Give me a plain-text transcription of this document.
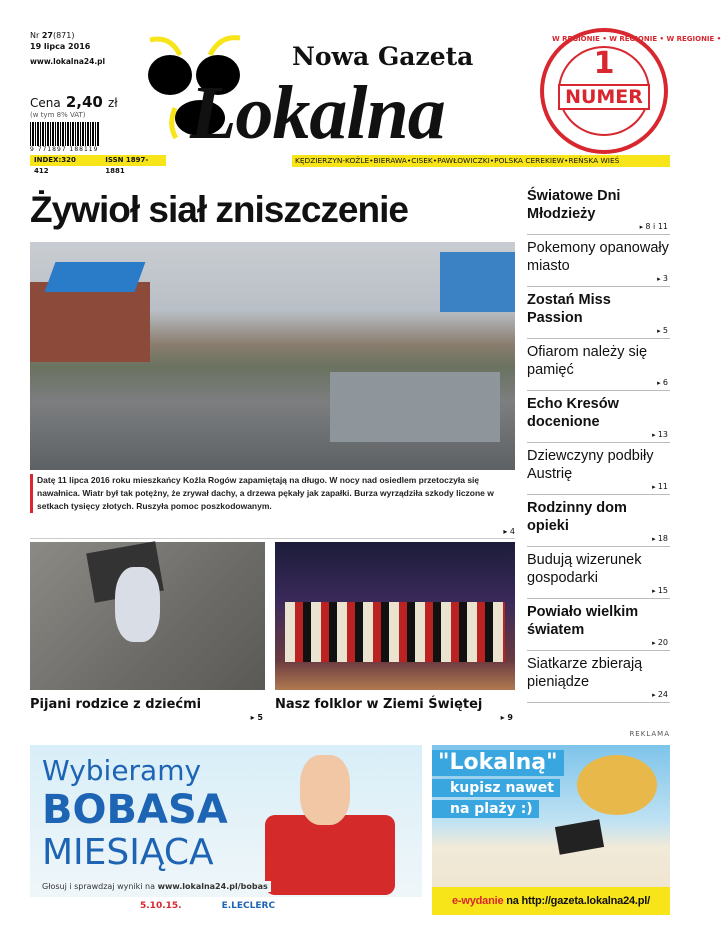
Nr 27(871)
19 lipca 2016
www.lokalna24.pl
Cena 2,40 zł
(w tym 8% VAT)
9 771897 188119
INDEX:320 412
ISSN 1897-1881
Nowa Gazeta
Lokalna
W REGIONIE • W REGIONIE • W REGIONIE •
1
NUMER
KĘDZIERZYN-KOŹLE•BIERAWA•CISEK•PAWŁOWICZKI•POLSKA CEREKIEW•REŃSKA WIEŚ
Żywioł siał zniszczenie
Datę 11 lipca 2016 roku mieszkańcy Koźla Rogów zapamiętają na długo. W nocy nad osiedlem przetoczyła się nawałnica. Wiatr był tak potężny, że zrywał dachy, a drzewa pękały jak zapałki. Burza wyrządziła szkody liczone w setkach tysięcy złotych. Ruszyła pomoc poszkodowanym.
▸ 4
Pijani rodzice z dziećmi
▸ 5
Nasz folklor w Ziemi Świętej
▸ 9
Światowe Dni Młodzieży
▸ 8 i 11
Pokemony opanowały miasto
▸ 3
Zostań Miss Passion
▸ 5
Ofiarom należy się pamięć
▸ 6
Echo Kresów docenione
▸ 13
Dziewczyny podbiły Austrię
▸ 11
Rodzinny dom opieki
▸ 18
Budują wizerunek gospodarki
▸ 15
Powiało wielkim światem
▸ 20
Siatkarze zbierają pieniądze
▸ 24
REKLAMA
Wybieramy
BOBASA
MIESIĄCA
Głosuj i sprawdzaj wyniki na www.lokalna24.pl/bobas
5.10.15.	E.LECLERC
"Lokalną"
kupisz nawet
na plaży :)
e-wydanie na http://gazeta.lokalna24.pl/
